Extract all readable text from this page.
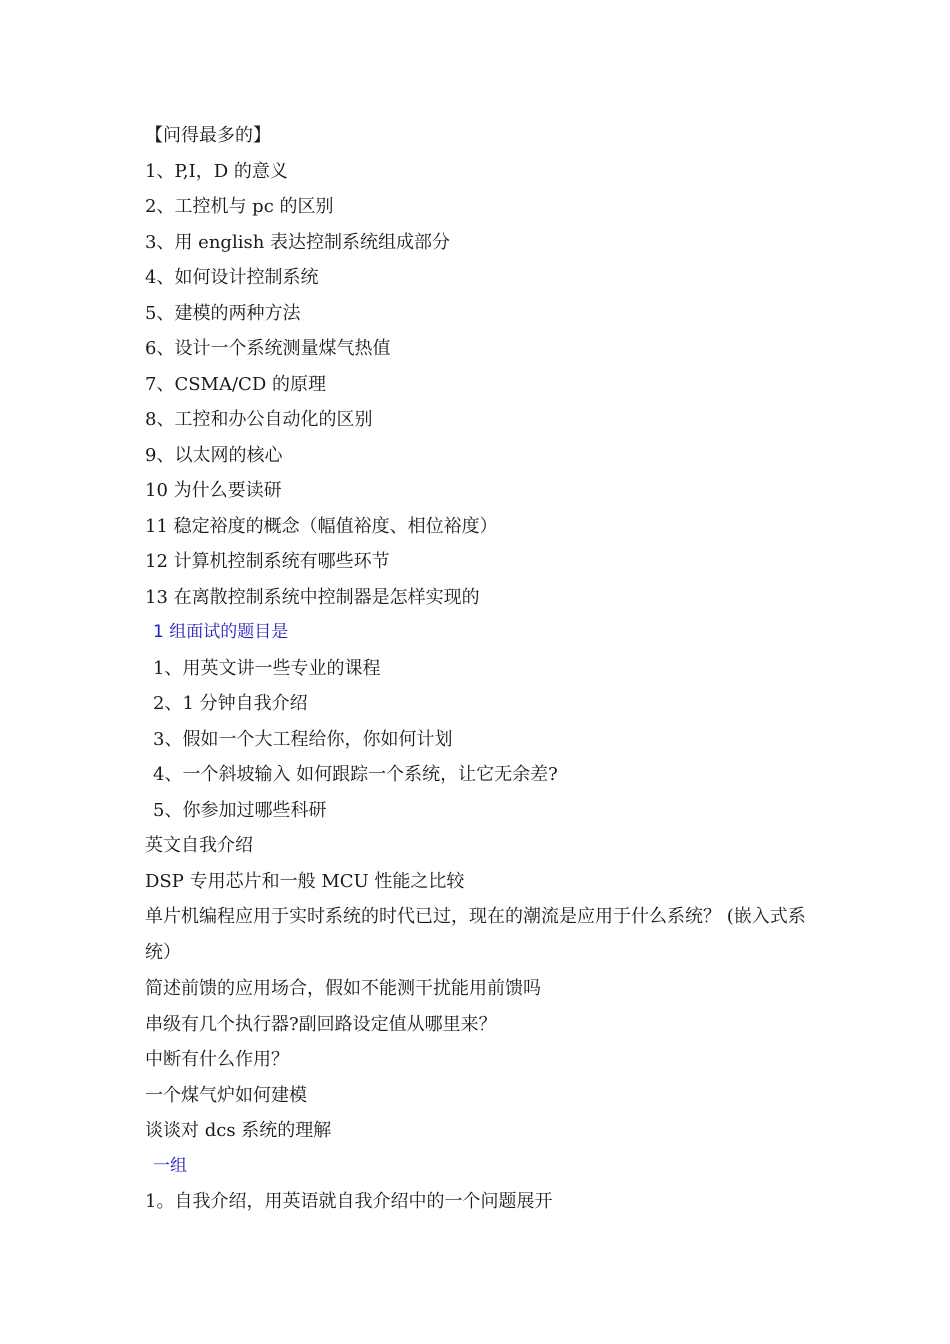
【问得最多的】
1、P,I，D 的意义
2、工控机与 pc 的区别
3、用 english 表达控制系统组成部分
4、如何设计控制系统
5、建模的两种方法
6、设计一个系统测量煤气热值
7、CSMA/CD 的原理
8、工控和办公自动化的区别
9、以太网的核心
10 为什么要读研
11 稳定裕度的概念（幅值裕度、相位裕度）
12 计算机控制系统有哪些环节
13 在离散控制系统中控制器是怎样实现的
1 组面试的题目是
1、用英文讲一些专业的课程
2、1 分钟自我介绍
3、假如一个大工程给你，你如何计划
4、一个斜坡输入 如何跟踪一个系统，让它无余差?
5、你参加过哪些科研
英文自我介绍
DSP 专用芯片和一般 MCU 性能之比较
单片机编程应用于实时系统的时代已过，现在的潮流是应用于什么系统？ (嵌入式系统）
简述前馈的应用场合，假如不能测干扰能用前馈吗
串级有几个执行器?副回路设定值从哪里来？
中断有什么作用？
一个煤气炉如何建模
谈谈对 dcs 系统的理解
一组
1。自我介绍，用英语就自我介绍中的一个问题展开
